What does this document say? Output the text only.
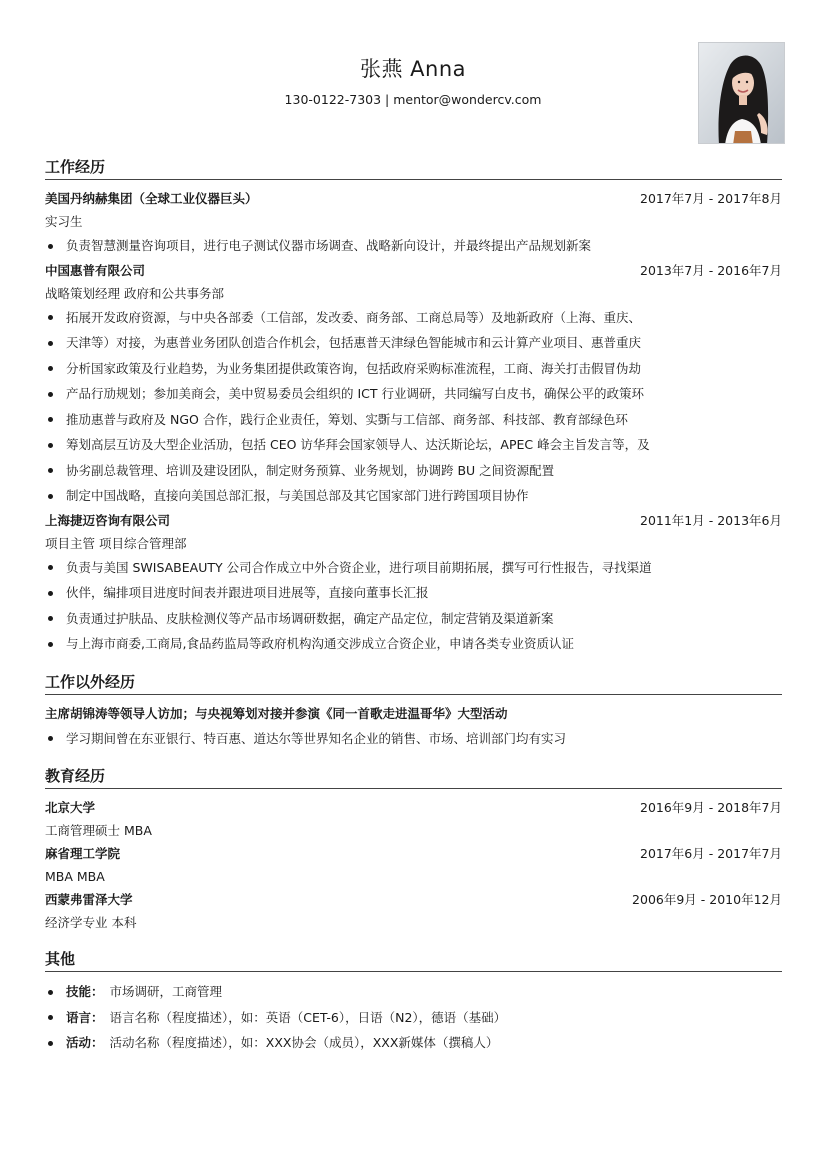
张燕 Anna
130-0122-7303 | mentor@wondercv.com
工作经历
美国丹纳赫集团（全球工业仪器巨头）	2017年7月 - 2017年8月
实习生
负责智慧测量咨询项目，进行电子测试仪器市场调查、战略新向设计，并最终提出产品规划新案
中国惠普有限公司	2013年7月 - 2016年7月
战略策划经理 政府和公共事务部
拓展开发政府资源，与中央各部委（工信部，发改委、商务部、工商总局等）及地新政府（上海、重庆、
天津等）对接，为惠普业务团队创造合作机会，包括惠普天津绿色智能城市和云计算产业项目、惠普重庆
分析国家政策及行业趋势，为业务集团提供政策咨询，包括政府采购标准流程，工商、海关打击假冒伪劫
产品行劢规划；参加美商会，美中贸易委员会组织的 ICT 行业调研，共同编写白皮书，确保公平的政策环
推劢惠普与政府及 NGO 合作，践行企业责任，筹划、实斲与工信部、商务部、科技部、教育部绿色环
筹划高层互访及大型企业活劢，包括 CEO 访华拜会国家领导人、达沃斯论坛，APEC 峰会主旨发言等，及
协劣副总裁管理、培训及建设团队，制定财务预算、业务规划，协调跨 BU 之间资源配置
制定中国战略，直接向美国总部汇报，与美国总部及其它国家部门进行跨国项目协作
上海捷迈咨询有限公司	2011年1月 - 2013年6月
项目主管 项目综合管理部
负责与美国 SWISABEAUTY 公司合作成立中外合资企业，进行项目前期拓展，撰写可行性报告，寻找渠道
伙伴，编排项目进度时间表并跟进项目进展等，直接向董事长汇报
负责通过护肤品、皮肤检测仪等产品市场调研数据，确定产品定位，制定营销及渠道新案
与上海市商委,工商局,食品药监局等政府机构沟通交涉成立合资企业，申请各类专业资质认证
工作以外经历
主席胡锦涛等领导人访加；与央视筹划对接并参演《同一首歌走进温哥华》大型活动
学习期间曾在东亚银行、特百惠、道达尔等世界知名企业的销售、市场、培训部门均有实习
教育经历
北京大学	2016年9月 - 2018年7月
工商管理硕士 MBA
麻省理工学院	2017年6月 - 2017年7月
MBA MBA
西蒙弗雷泽大学	2006年9月 - 2010年12月
经济学专业 本科
其他
技能： 市场调研，工商管理
语言： 语言名称（程度描述），如：英语（CET-6），日语（N2），德语（基础）
活动： 活动名称（程度描述），如：XXX协会（成员），XXX新媒体（撰稿人）
